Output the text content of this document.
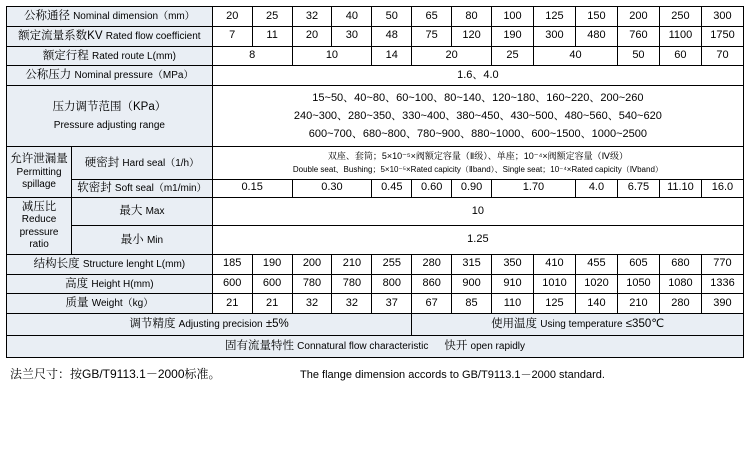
公称通径 Nominal dimension（mm）		20	25	32	40	50	65	80	100	125	150	200	250	300
额定流量系数KV Rated flow coefficient		7	11	20	30	48	75	120	190	300	480	760	1100	1750
额定行程 Rated route L(mm)		8		10		14	20		25	40		50	60	70
公称压力 Nominal pressure（MPa）		1.6、4.0												
压力调节范围（KPa）
Pressure adjusting range		15~50、40~80、60~100、80~140、120~180、160~220、200~260
240~300、280~350、330~400、380~450、430~500、480~560、540~620
600~700、680~800、780~900、880~1000、600~1500、1000~2500												

允许泄漏量
Permitting spillage	硬密封 Hard seal（1/h）	双座、套筒；5×10⁻⁵×阀额定容量（Ⅱ级）、单座；10⁻⁴×阀额定容量（Ⅳ级）
Double seat、Bushing；5×10⁻⁵×Rated capicity（Ⅱband）、Single seat；10⁻⁴×Rated capicity（Ⅳband）												

	软密封 Soft seal（m1/min）	0.15		0.30		0.45	0.60	0.90	1.70		4.0	6.75	11.10	16.0
减压比
Reduce pressure ratio	最大 Max	10												
	最小 Min	1.25												
结构长度 Structure lenght L(mm)		185	190	200	210	255	280	315	350	410	455	605	680	770
高度 Height H(mm)		600	600	780	780	800	860	900	910	1010	1020	1050	1080	1336
质量 Weight（kg）		21	21	32	32	37	67	85	110	125	140	210	280	390
调节精度 Adjusting precision ±5%							使用温度 Using temperature ≤350℃							
固有流量特性 Connatural flow characteristic 快开 open rapidly														
法兰尺寸：按GB/T9113.1－2000标准。	The flange dimension accords to GB/T9113.1－2000 standard.
